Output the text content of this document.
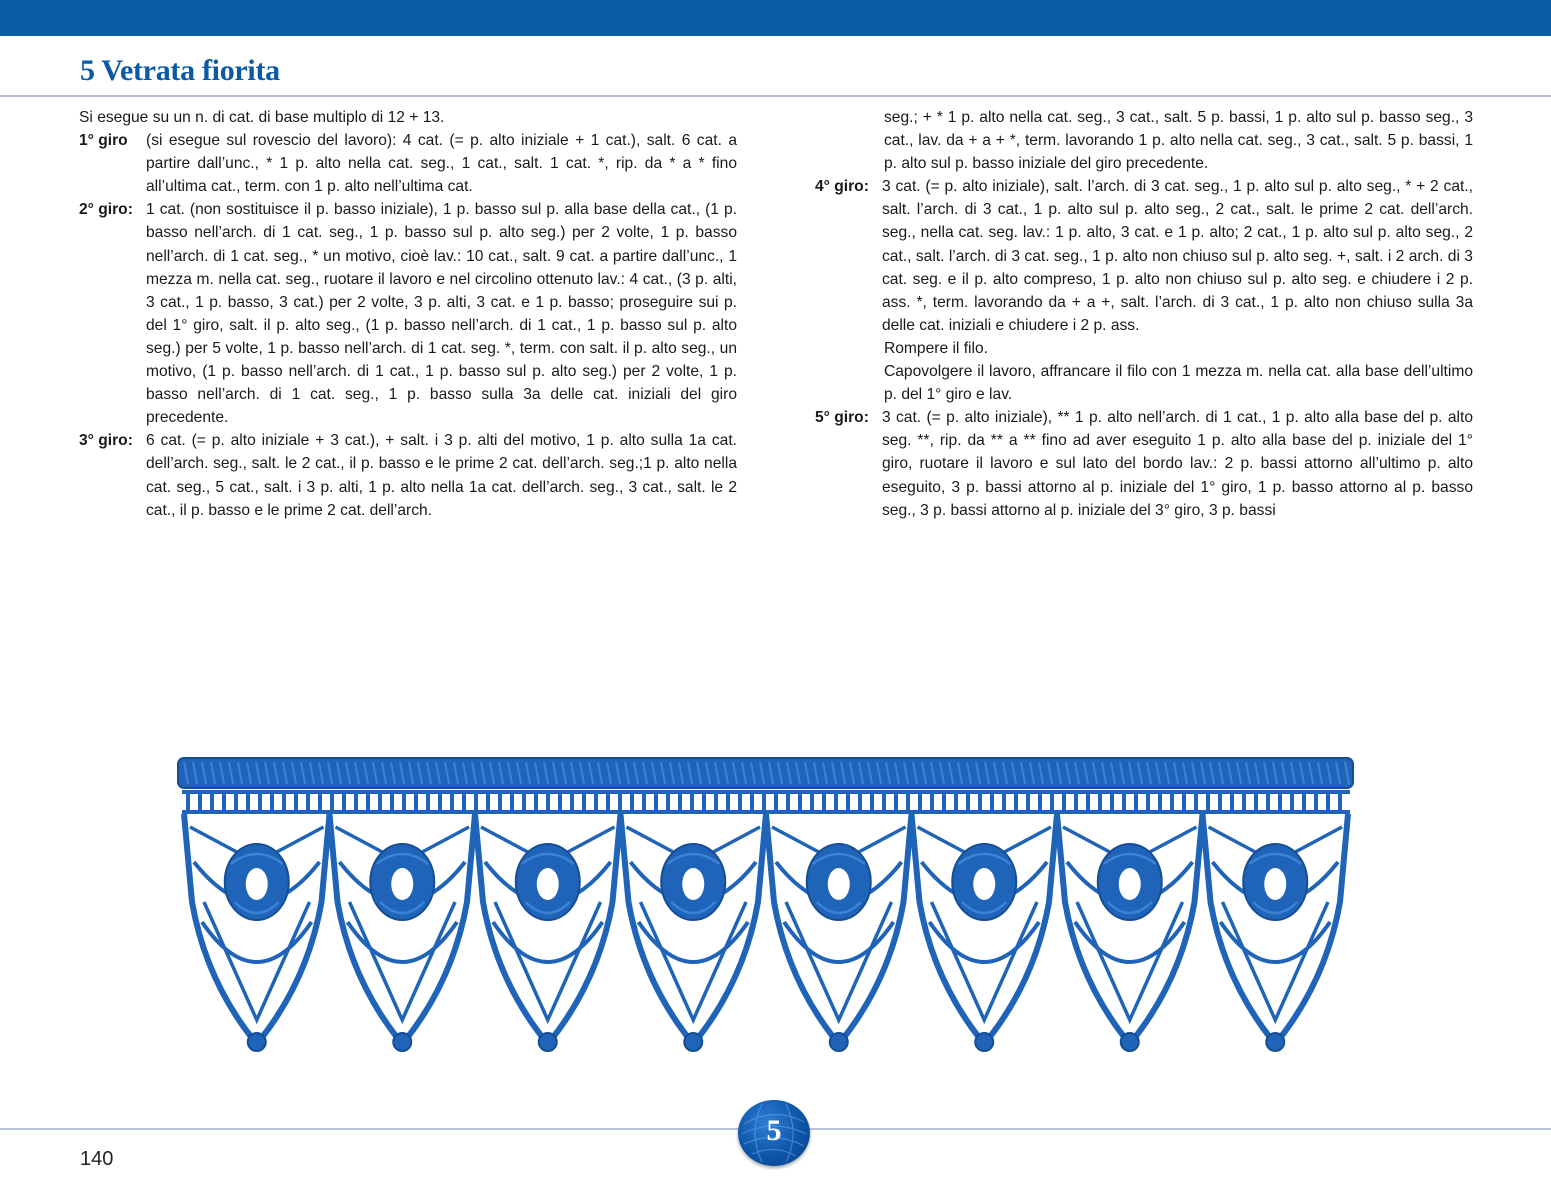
5 Vetrata fiorita

Si esegue su un n. di cat. di base multiplo di 12 + 13.

1° giro	(si esegue sul rovescio del lavoro): 4 cat. (= p. alto iniziale + 1 cat.), salt. 6 cat. a partire dall’unc., * 1 p. alto nella cat. seg., 1 cat., salt. 1 cat. *, rip. da * a * fino all’ultima cat., term. con 1 p. alto nell’ultima cat.

2° giro: 1 cat. (non sostituisce il p. basso iniziale), 1 p. basso sul p. alla base della cat., (1 p. basso nell’arch. di 1 cat. seg., 1 p. basso sul p. alto seg.) per 2 volte, 1 p. basso nell’arch. di 1 cat. seg., * un motivo, cioè lav.: 10 cat., salt. 9 cat. a partire dall’unc., 1 mezza m. nella cat. seg., ruotare il lavoro e nel circolino ottenuto lav.: 4 cat., (3 p. alti, 3 cat., 1 p. basso, 3 cat.) per 2 volte, 3 p. alti, 3 cat. e 1 p. basso; proseguire sui p. del 1° giro, salt. il p. alto seg., (1 p. basso nell’arch. di 1 cat., 1 p. basso sul p. alto seg.) per 5 volte, 1 p. basso nell’arch. di 1 cat. seg. *, term. con salt. il p. alto seg., un motivo, (1 p. basso nell’arch. di 1 cat., 1 p. basso sul p. alto seg.) per 2 volte, 1 p. basso nell’arch. di 1 cat. seg., 1 p. basso sulla 3a delle cat. iniziali del giro precedente.

3° giro: 6 cat. (= p. alto iniziale + 3 cat.), + salt. i 3 p. alti del motivo, 1 p. alto sulla 1a cat. dell’arch. seg., salt. le 2 cat., il p. basso e le prime 2 cat. dell’arch. seg.;1 p. alto nella cat. seg., 5 cat., salt. i 3 p. alti, 1 p. alto nella 1a cat. dell’arch. seg., 3 cat., salt. le 2 cat., il p. basso e le prime 2 cat. dell’arch.

seg.; + * 1 p. alto nella cat. seg., 3 cat., salt. 5 p. bassi, 1 p. alto sul p. basso seg., 3 cat., lav. da + a + *, term. lavorando 1 p. alto nella cat. seg., 3 cat., salt. 5 p. bassi, 1 p. alto sul p. basso iniziale del giro precedente.

4° giro: 3 cat. (= p. alto iniziale), salt. l’arch. di 3 cat. seg., 1 p. alto sul p. alto seg., * + 2 cat., salt. l’arch. di 3 cat., 1 p. alto sul p. alto seg., 2 cat., salt. le prime 2 cat. dell’arch. seg., nella cat. seg. lav.: 1 p. alto, 3 cat. e 1 p. alto; 2 cat., 1 p. alto sul p. alto seg., 2 cat., salt. l’arch. di 3 cat. seg., 1 p. alto non chiuso sul p. alto seg. +, salt. i 2 arch. di 3 cat. seg. e il p. alto compreso, 1 p. alto non chiuso sul p. alto seg. e chiudere i 2 p. ass. *, term. lavorando da + a +, salt. l’arch. di 3 cat., 1 p. alto non chiuso sulla 3a delle cat. iniziali e chiudere i 2 p. ass.

Rompere il filo.

Capovolgere il lavoro, affrancare il filo con 1 mezza m. nella cat. alla base dell’ultimo p. del 1° giro e lav.

5° giro: 3 cat. (= p. alto iniziale), ** 1 p. alto nell’arch. di 1 cat., 1 p. alto alla base del p. alto seg. **, rip. da ** a ** fino ad aver eseguito 1 p. alto alla base del p. iniziale del 1° giro, ruotare il lavoro e sul lato del bordo lav.: 2 p. bassi attorno all’ultimo p. alto eseguito, 3 p. bassi attorno al p. iniziale del 1° giro, 1 p. basso attorno al p. basso seg., 3 p. bassi attorno al p. iniziale del 3° giro, 3 p. bassi

140
5
